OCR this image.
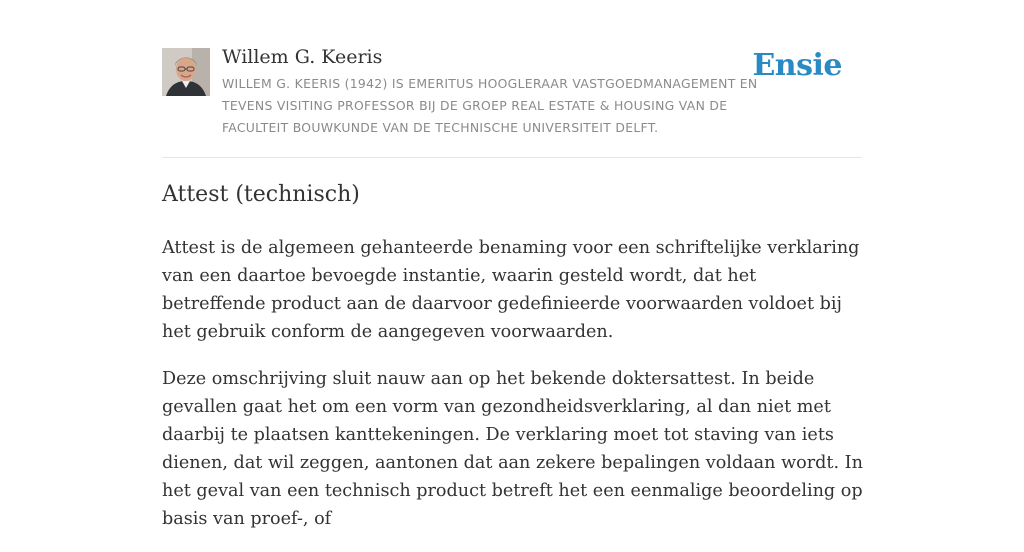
Willem G. Keeris
WILLEM G. KEERIS (1942) IS EMERITUS HOOGLERAAR VASTGOEDMANAGEMENT EN TEVENS VISITING PROFESSOR BIJ DE GROEP REAL ESTATE & HOUSING VAN DE FACULTEIT BOUWKUNDE VAN DE TECHNISCHE UNIVERSITEIT DELFT.
Ensie
Attest (technisch)

Attest is de algemeen gehanteerde benaming voor een schriftelijke verklaring van een daartoe bevoegde instantie, waarin gesteld wordt, dat het betreffende product aan de daarvoor gedefinieerde voorwaarden voldoet bij het gebruik conform de aangegeven voorwaarden.

Deze omschrijving sluit nauw aan op het bekende doktersattest. In beide gevallen gaat het om een vorm van gezondheidsverklaring, al dan niet met daarbij te plaatsen kanttekeningen. De verklaring moet tot staving van iets dienen, dat wil zeggen, aantonen dat aan zekere bepalingen voldaan wordt. In het geval van een technisch product betreft het een eenmalige beoordeling op basis van proef-, of
